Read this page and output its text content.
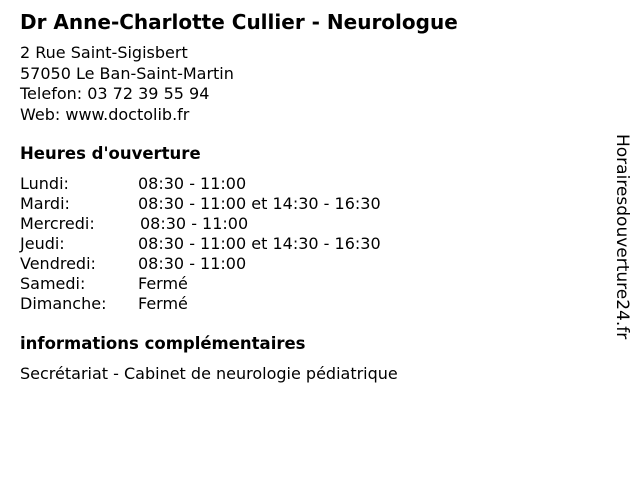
Dr Anne-Charlotte Cullier - Neurologue
2 Rue Saint-Sigisbert
57050 Le Ban-Saint-Martin
Telefon: 03 72 39 55 94
Web: www.doctolib.fr
Heures d'ouverture
Lundi:	08:30 - 11:00
Mardi:	08:30 - 11:00 et 14:30 - 16:30
Mercredi:	08:30 - 11:00
Jeudi:	08:30 - 11:00 et 14:30 - 16:30
Vendredi:	08:30 - 11:00
Samedi:	Fermé
Dimanche: Fermé
informations complémentaires
Secrétariat - Cabinet de neurologie pédiatrique
Horairesdouverture24.fr
